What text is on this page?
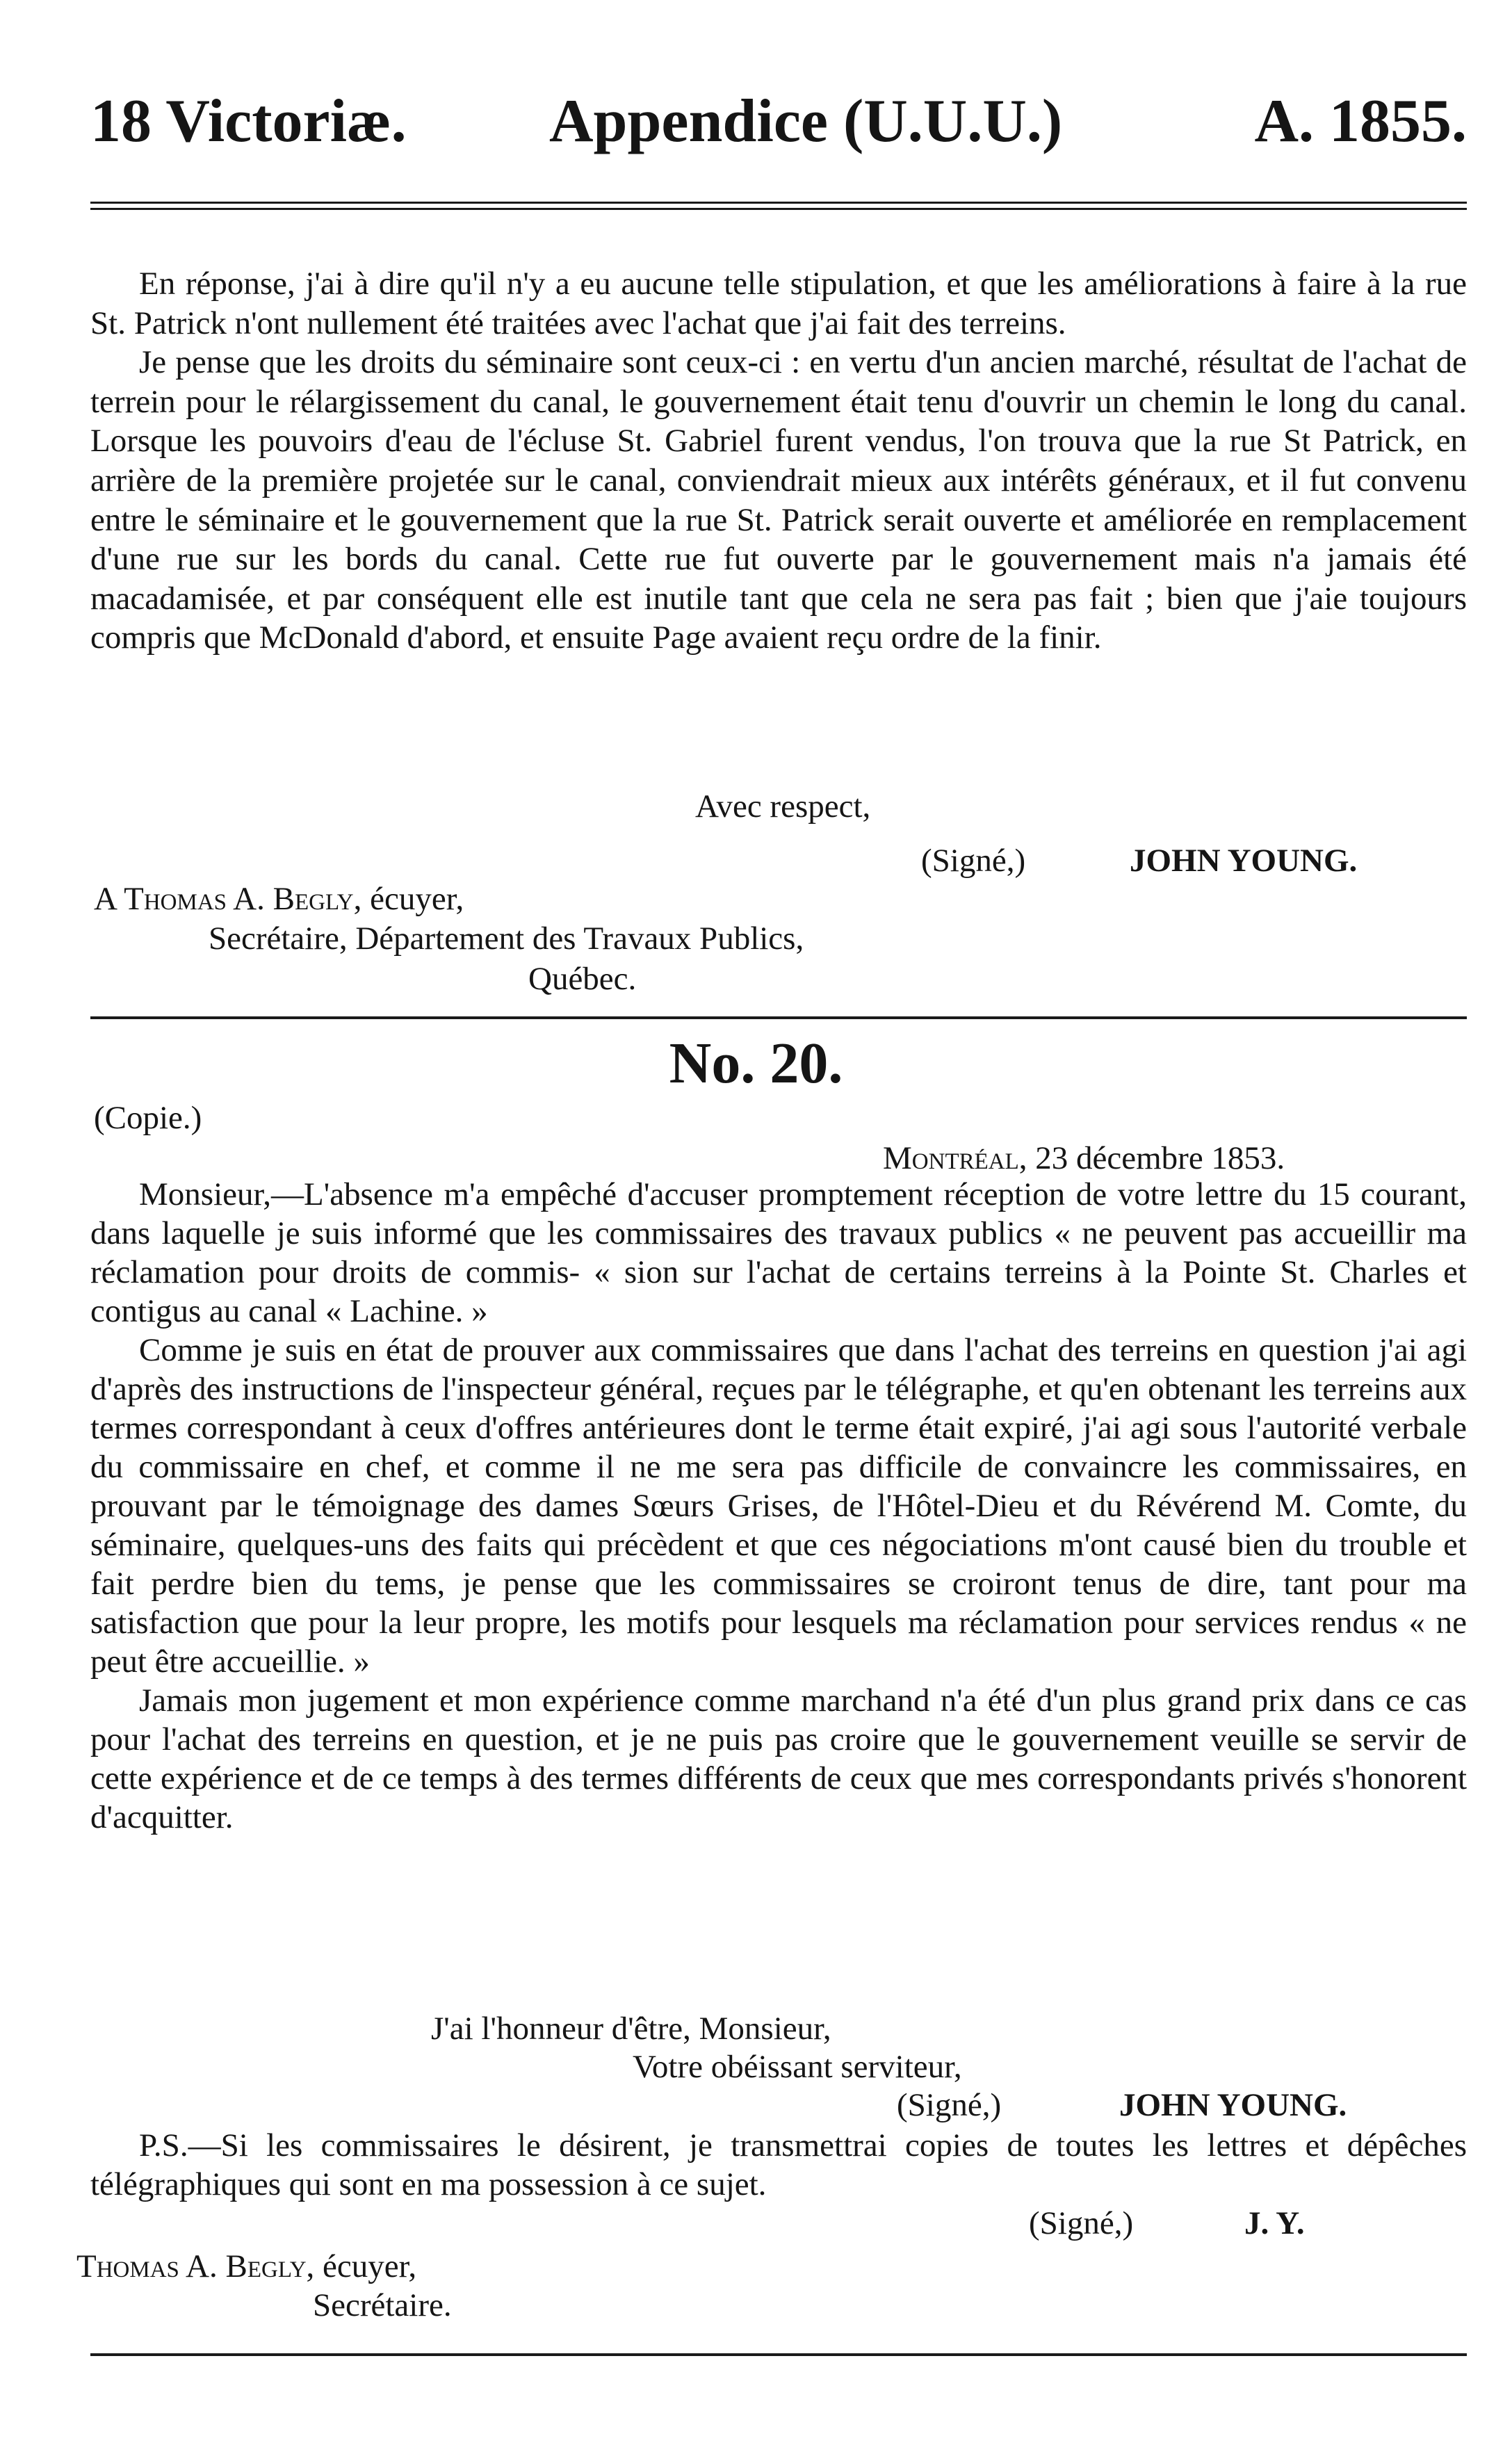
18 Victoriæ. Appendice (U.U.U.)	A. 1855.

En réponse, j'ai à dire qu'il n'y a eu aucune telle stipulation, et que les améliorations à faire à la rue St. Patrick n'ont nullement été traitées avec l'achat que j'ai fait des terreins.

Je pense que les droits du séminaire sont ceux-ci : en vertu d'un ancien marché, résultat de l'achat de terrein pour le rélargissement du canal, le gouvernement était tenu d'ouvrir un chemin le long du canal. Lorsque les pouvoirs d'eau de l'écluse St. Gabriel furent vendus, l'on trouva que la rue St Patrick, en arrière de la première projetée sur le canal, conviendrait mieux aux intérêts généraux, et il fut convenu entre le séminaire et le gouvernement que la rue St. Patrick serait ouverte et améliorée en remplacement d'une rue sur les bords du canal. Cette rue fut ouverte par le gouvernement mais n'a jamais été macadamisée, et par conséquent elle est inutile tant que cela ne sera pas fait ; bien que j'aie toujours compris que McDonald d'abord, et ensuite Page avaient reçu ordre de la finir.

Avec respect,
(Signé,)	JOHN YOUNG.
A Thomas A. Begly, écuyer,
Secrétaire, Département des Travaux Publics,
Québec.
No. 20.
(Copie.)
Montréal, 23 décembre 1853.

Monsieur,—L'absence m'a empêché d'accuser promptement réception de votre lettre du 15 courant, dans laquelle je suis informé que les commissaires des travaux publics « ne peuvent pas accueillir ma réclamation pour droits de commis- « sion sur l'achat de certains terreins à la Pointe St. Charles et contigus au canal « Lachine. »

Comme je suis en état de prouver aux commissaires que dans l'achat des terreins en question j'ai agi d'après des instructions de l'inspecteur général, reçues par le télégraphe, et qu'en obtenant les terreins aux termes correspondant à ceux d'offres antérieures dont le terme était expiré, j'ai agi sous l'autorité verbale du commissaire en chef, et comme il ne me sera pas difficile de convaincre les commissaires, en prouvant par le témoignage des dames Sœurs Grises, de l'Hôtel-Dieu et du Révérend M. Comte, du séminaire, quelques-uns des faits qui précèdent et que ces négociations m'ont causé bien du trouble et fait perdre bien du tems, je pense que les commissaires se croiront tenus de dire, tant pour ma satisfaction que pour la leur propre, les motifs pour lesquels ma réclamation pour services rendus « ne peut être accueillie. »

Jamais mon jugement et mon expérience comme marchand n'a été d'un plus grand prix dans ce cas pour l'achat des terreins en question, et je ne puis pas croire que le gouvernement veuille se servir de cette expérience et de ce temps à des termes différents de ceux que mes correspondants privés s'honorent d'acquitter.

J'ai l'honneur d'être, Monsieur,
Votre obéissant serviteur,
(Signé,)	JOHN YOUNG.

P.S.—Si les commissaires le désirent, je transmettrai copies de toutes les lettres et dépêches télégraphiques qui sont en ma possession à ce sujet.

(Signé,)	J. Y.
Thomas A. Begly, écuyer,
Secrétaire.
